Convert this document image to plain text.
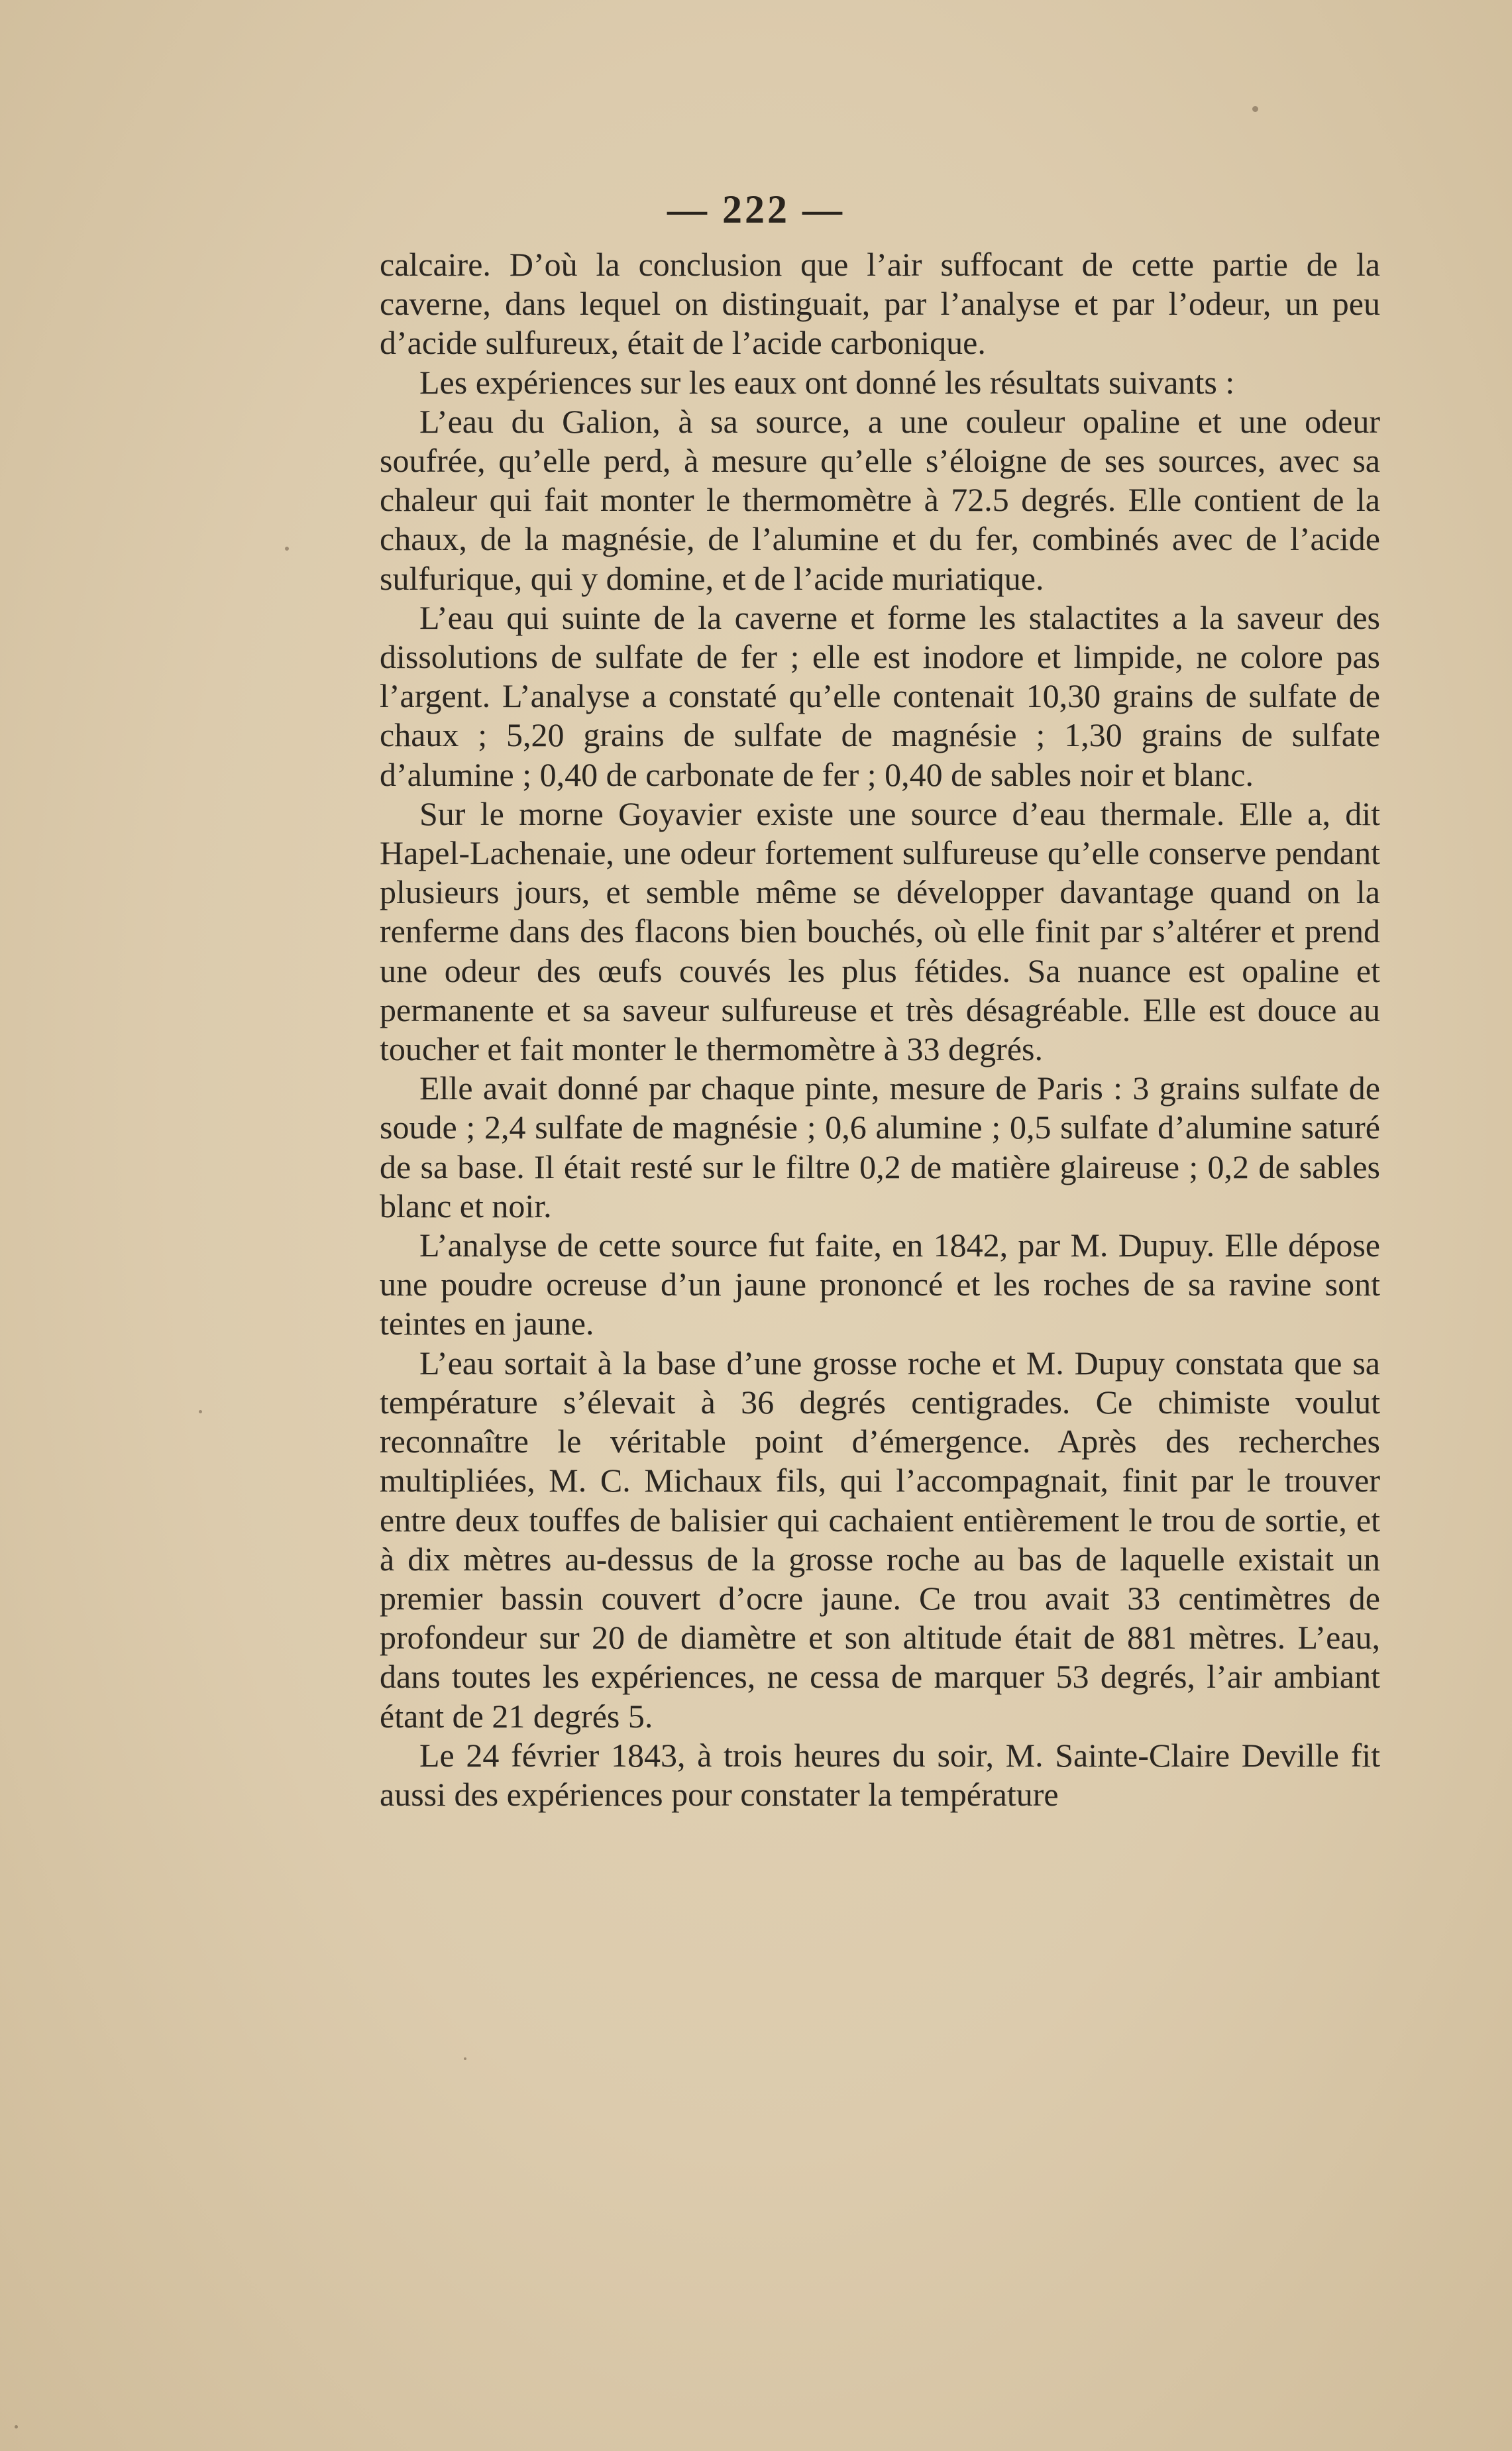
— 222 —

calcaire. D’où la conclusion que l’air suffocant de cette partie de la caverne, dans lequel on distinguait, par l’analyse et par l’odeur, un peu d’acide sulfureux, était de l’acide carbonique.

Les expériences sur les eaux ont donné les résultats suivants :

L’eau du Galion, à sa source, a une couleur opaline et une odeur soufrée, qu’elle perd, à mesure qu’elle s’éloigne de ses sources, avec sa chaleur qui fait monter le thermomètre à 72.5 degrés. Elle contient de la chaux, de la magnésie, de l’alumine et du fer, combinés avec de l’acide sulfurique, qui y domine, et de l’acide muriatique.

L’eau qui suinte de la caverne et forme les stalactites a la saveur des dissolutions de sulfate de fer ; elle est inodore et limpide, ne colore pas l’argent. L’analyse a constaté qu’elle contenait 10,30 grains de sulfate de chaux ; 5,20 grains de sulfate de magnésie ; 1,30 grains de sulfate d’alumine ; 0,40 de carbonate de fer ; 0,40 de sables noir et blanc.

Sur le morne Goyavier existe une source d’eau thermale. Elle a, dit Hapel-Lachenaie, une odeur fortement sulfureuse qu’elle conserve pendant plusieurs jours, et semble même se développer davantage quand on la renferme dans des flacons bien bouchés, où elle finit par s’altérer et prend une odeur des œufs couvés les plus fétides. Sa nuance est opaline et permanente et sa saveur sulfureuse et très désagréable. Elle est douce au toucher et fait monter le thermomètre à 33 degrés.

Elle avait donné par chaque pinte, mesure de Paris : 3 grains sulfate de soude ; 2,4 sulfate de magnésie ; 0,6 alumine ; 0,5 sulfate d’alumine saturé de sa base. Il était resté sur le filtre 0,2 de matière glaireuse ; 0,2 de sables blanc et noir.

L’analyse de cette source fut faite, en 1842, par M. Dupuy. Elle dépose une poudre ocreuse d’un jaune prononcé et les roches de sa ravine sont teintes en jaune.

L’eau sortait à la base d’une grosse roche et M. Dupuy constata que sa température s’élevait à 36 degrés centigrades. Ce chimiste voulut reconnaître le véritable point d’émergence. Après des recherches multipliées, M. C. Michaux fils, qui l’accompagnait, finit par le trouver entre deux touffes de balisier qui cachaient entièrement le trou de sortie, et à dix mètres au-dessus de la grosse roche au bas de laquelle existait un premier bassin couvert d’ocre jaune. Ce trou avait 33 centimètres de profondeur sur 20 de diamètre et son altitude était de 881 mètres. L’eau, dans toutes les expériences, ne cessa de marquer 53 degrés, l’air ambiant étant de 21 degrés 5.

Le 24 février 1843, à trois heures du soir, M. Sainte-Claire Deville fit aussi des expériences pour constater la température
